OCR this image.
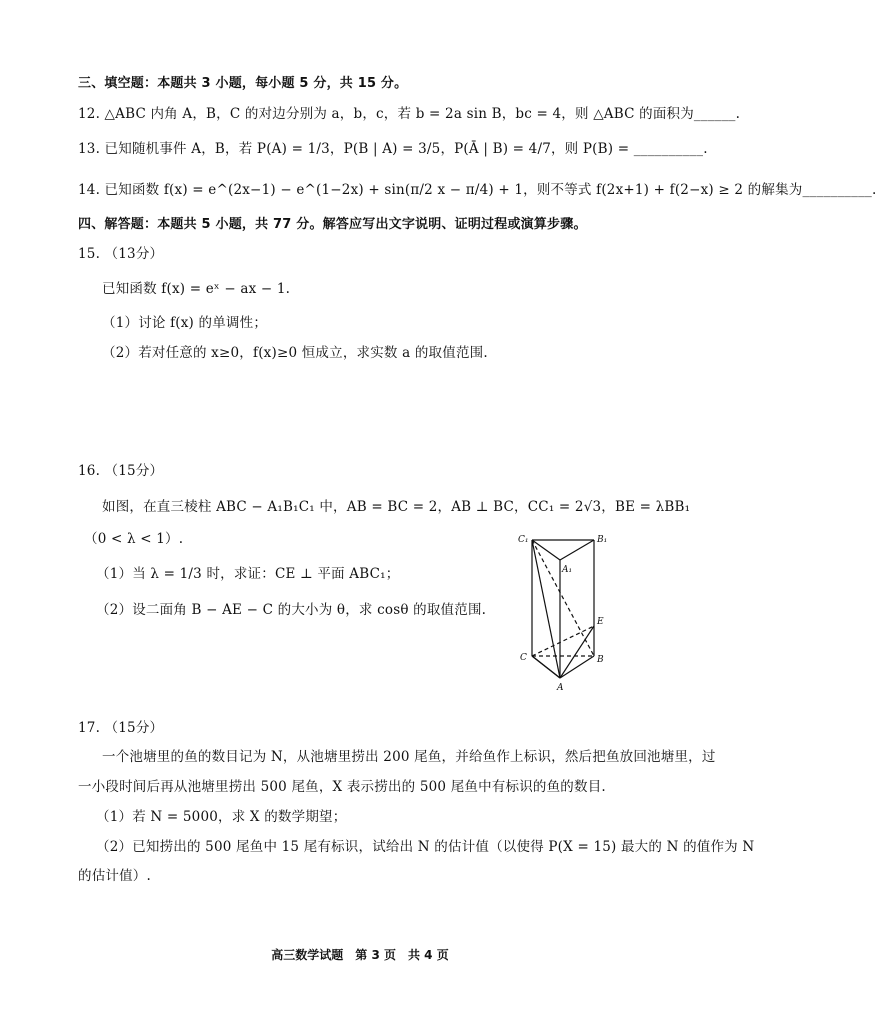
三、填空题：本题共 3 小题，每小题 5 分，共 15 分。
12. △ABC 内角 A，B，C 的对边分别为 a，b，c，若 b = 2a sin B，bc = 4，则 △ABC 的面积为______.
13. 已知随机事件 A，B，若 P(A) = 1/3，P(B | A) = 3/5，P(Ā | B) = 4/7，则 P(B) = __________.
14. 已知函数 f(x) = e^(2x−1) − e^(1−2x) + sin(π/2 x − π/4) + 1，则不等式 f(2x+1) + f(2−x) ≥ 2 的解集为__________.
四、解答题：本题共 5 小题，共 77 分。解答应写出文字说明、证明过程或演算步骤。
15. （13分）
已知函数 f(x) = eˣ − ax − 1.
（1）讨论 f(x) 的单调性；
（2）若对任意的 x≥0，f(x)≥0 恒成立，求实数 a 的取值范围.
16. （15分）
如图，在直三棱柱 ABC − A₁B₁C₁ 中，AB = BC = 2，AB ⊥ BC，CC₁ = 2√3，BE = λBB₁
（0 < λ < 1）.
（1）当 λ = 1/3 时，求证：CE ⊥ 平面 ABC₁；
（2）设二面角 B − AE − C 的大小为 θ，求 cosθ 的取值范围.
C₁	B₁
A₁
E
C	B
A
17. （15分）
一个池塘里的鱼的数目记为 N，从池塘里捞出 200 尾鱼，并给鱼作上标识，然后把鱼放回池塘里，过
一小段时间后再从池塘里捞出 500 尾鱼，X 表示捞出的 500 尾鱼中有标识的鱼的数目.
（1）若 N = 5000，求 X 的数学期望；
（2）已知捞出的 500 尾鱼中 15 尾有标识，试给出 N 的估计值（以使得 P(X = 15) 最大的 N 的值作为 N
的估计值）.
高三数学试题　第 3 页　共 4 页
